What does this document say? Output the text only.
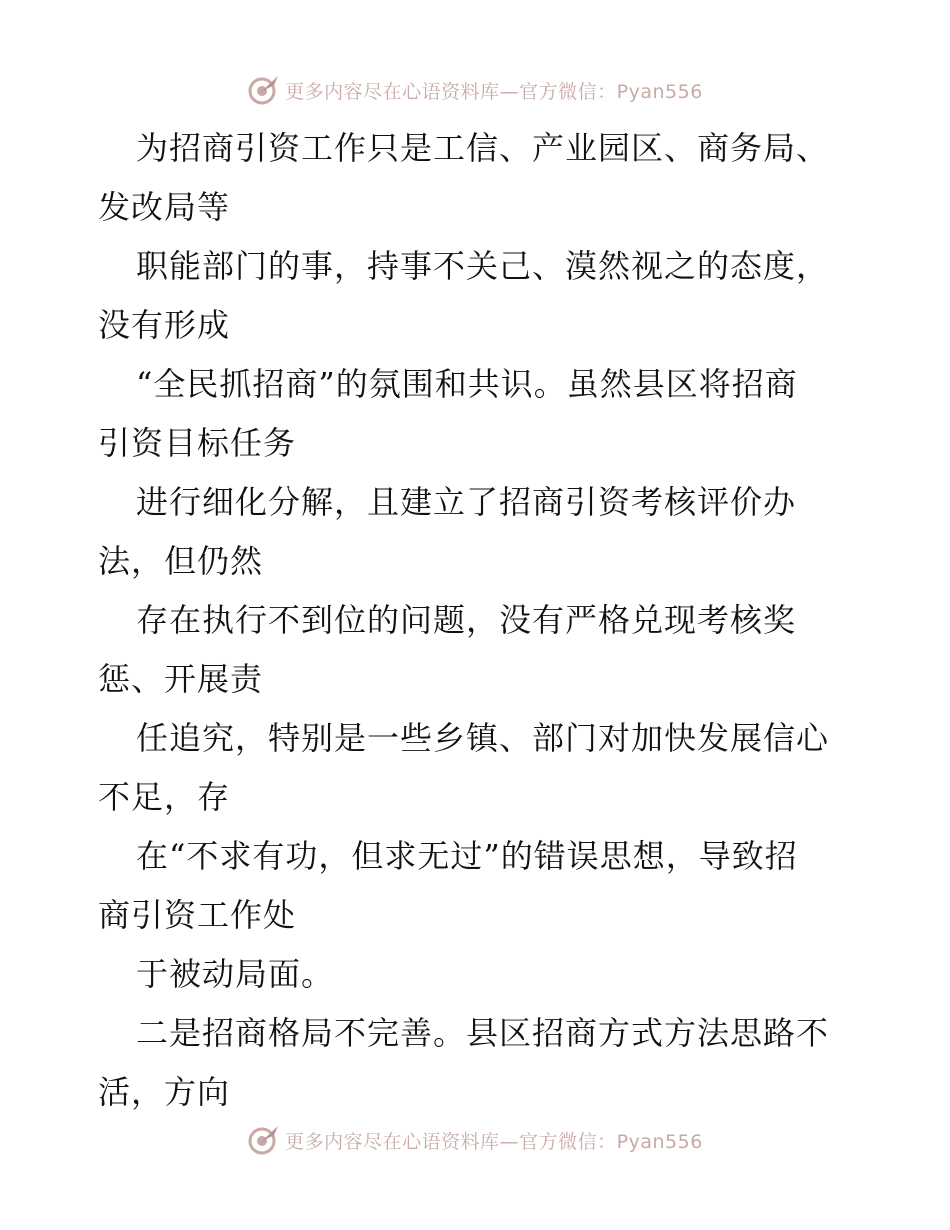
更多内容尽在心语资料库—官方微信：Pyan556

为招商引资工作只是工信、产业园区、商务局、
发改局等

职能部门的事，持事不关己、漠然视之的态度，
没有形成

“全民抓招商”的氛围和共识。虽然县区将招商
引资目标任务

进行细化分解，且建立了招商引资考核评价办
法，但仍然

存在执行不到位的问题，没有严格兑现考核奖
惩、开展责

任追究，特别是一些乡镇、部门对加快发展信心
不足，存

在“不求有功，但求无过”的错误思想，导致招
商引资工作处

于被动局面。

二是招商格局不完善。县区招商方式方法思路不
活，方向

更多内容尽在心语资料库—官方微信：Pyan556
